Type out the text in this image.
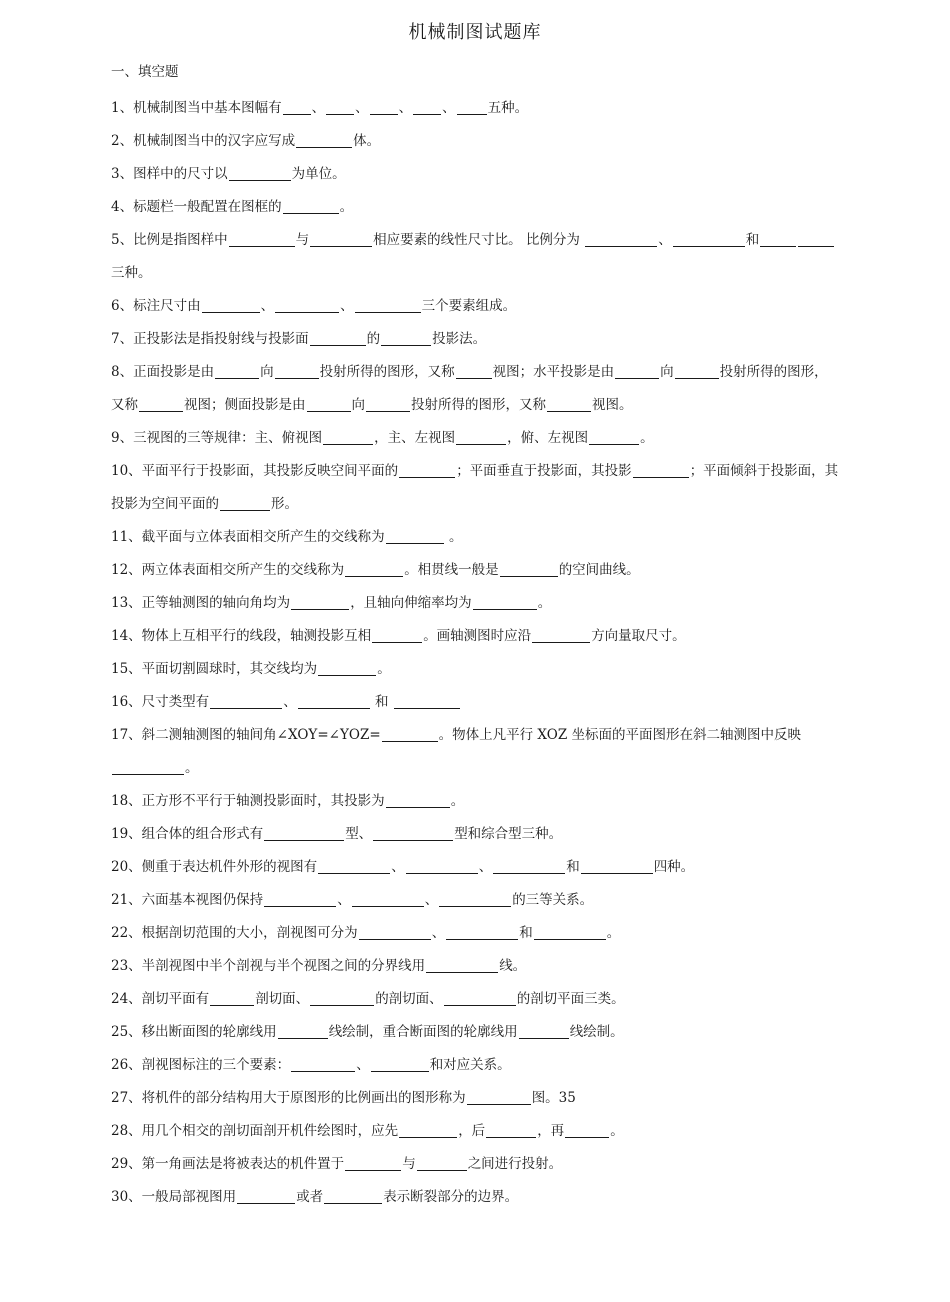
机械制图试题库
一、填空题
1、机械制图当中基本图幅有 、 、 、 、 五种。
2、机械制图当中的汉字应写成	体。
3、图样中的尺寸以	为单位。
4、标题栏一般配置在图框的	。
5、比例是指图样中	与	相应要素的线性尺寸比。 比例分为	、	和三种。
6、标注尺寸由	、	、	三个要素组成。
7、正投影法是指投射线与投影面	的	投影法。
8、正面投影是由	向	投射所得的图形，又称	视图；水平投影是由	向	投射所得的图形，又称	视图；侧面投影是由	向	投射所得的图形，又称	视图。
9、三视图的三等规律：主、俯视图	，主、左视图	，俯、左视图	。
10、平面平行于投影面，其投影反映空间平面的	；平面垂直于投影面，其投影	；平面倾斜于投影面，其投影为空间平面的	形。
11、截平面与立体表面相交所产生的交线称为	。
12、两立体表面相交所产生的交线称为	。相贯线一般是	的空间曲线。
13、正等轴测图的轴向角均为	，且轴向伸缩率均为	。
14、物体上互相平行的线段，轴测投影互相	。画轴测图时应沿	方向量取尺寸。
15、平面切割圆球时，其交线均为	。
16、尺寸类型有	、	和
17、斜二测轴测图的轴间角∠XOY=∠YOZ=	。物体上凡平行 XOZ 坐标面的平面图形在斜二轴测图中反映。
18、正方形不平行于轴测投影面时，其投影为	。
19、组合体的组合形式有	型、	型和综合型三种。
20、侧重于表达机件外形的视图有	、	、	和	四种。
21、六面基本视图仍保持	、	、	的三等关系。
22、根据剖切范围的大小，剖视图可分为	、	和	。
23、半剖视图中半个剖视与半个视图之间的分界线用	线。
24、剖切平面有	剖切面、	的剖切面、	的剖切平面三类。
25、移出断面图的轮廓线用	线绘制，重合断面图的轮廓线用	线绘制。
26、剖视图标注的三个要素：	、	和对应关系。
27、将机件的部分结构用大于原图形的比例画出的图形称为	图。35
28、用几个相交的剖切面剖开机件绘图时，应先	，后	，再	。
29、第一角画法是将被表达的机件置于	与	之间进行投射。
30、一般局部视图用	或者	表示断裂部分的边界。
